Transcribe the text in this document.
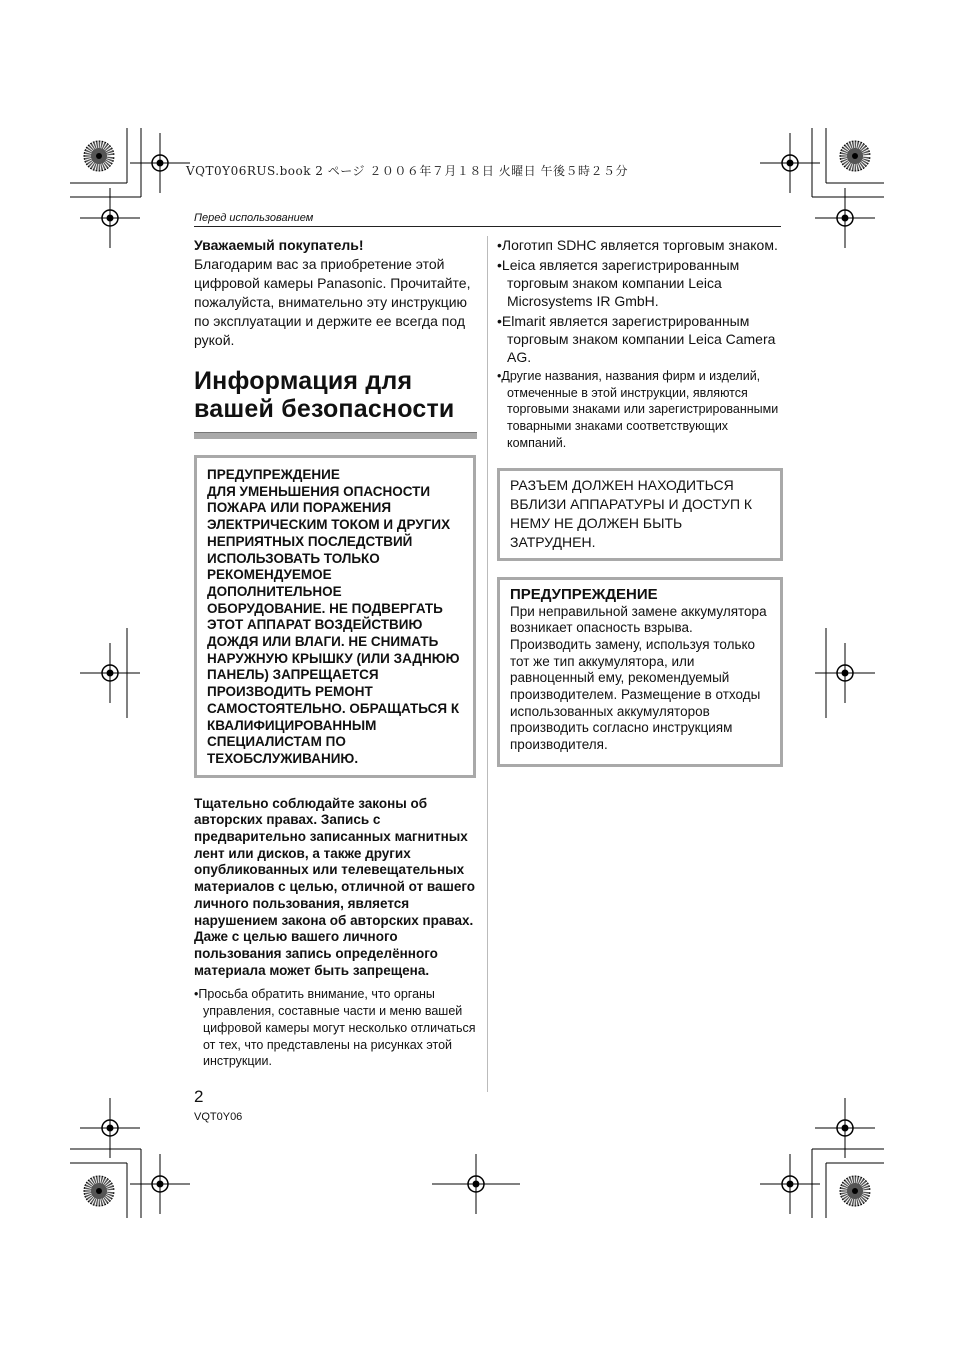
VQT0Y06RUS.book 2 ページ ２００６年７月１８日 火曜日 午後５時２５分
Перед использованием
Уважаемый покупатель!
Благодарим вас за приобретение этой цифровой камеры Panasonic. Прочитайте, пожалуйста, внимательно эту инструкцию по эксплуатации и держите ее всегда под рукой.
Информация для
вашей безопасности
ПРЕДУПРЕЖДЕНИЕ
ДЛЯ УМЕНЬШЕНИЯ ОПАСНОСТИ ПОЖАРА ИЛИ ПОРАЖЕНИЯ ЭЛЕКТРИЧЕСКИМ ТОКОМ И ДРУГИХ НЕПРИЯТНЫХ ПОСЛЕДСТВИЙ ИСПОЛЬЗОВАТЬ ТОЛЬКО РЕКОМЕНДУЕМОЕ ДОПОЛНИТЕЛЬНОЕ ОБОРУДОВАНИЕ. НЕ ПОДВЕРГАТЬ ЭТОТ АППАРАТ ВОЗДЕЙСТВИЮ ДОЖДЯ ИЛИ ВЛАГИ. НЕ СНИМАТЬ НАРУЖНУЮ КРЫШКУ (ИЛИ ЗАДНЮЮ ПАНЕЛЬ) ЗАПРЕЩАЕТСЯ ПРОИЗВОДИТЬ РЕМОНТ САМОСТОЯТЕЛЬНО. ОБРАЩАТЬСЯ К КВАЛИФИЦИРОВАННЫМ СПЕЦИАЛИСТАМ ПО ТЕХОБСЛУЖИВАНИЮ.
Тщательно соблюдайте законы об авторских правах. Запись с предварительно записанных магнитных лент или дисков, а также других опубликованных или телевещательных материалов с целью, отличной от вашего личного пользования, является нарушением закона об авторских правах. Даже с целью вашего личного пользования запись определённого материала может быть запрещена.
•Просьба обратить внимание, что органы управления, составные части и меню вашей цифровой камеры могут несколько отличаться от тех, что представлены на рисунках этой инструкции.
•Логотип SDHC является торговым знаком.
•Leica является зарегистрированным торговым знаком компании Leica Microsystems IR GmbH.
•Elmarit является зарегистрированным торговым знаком компании Leica Camera AG.
•Другие названия, названия фирм и изделий, отмеченные в этой инструкции, являются торговыми знаками или зарегистрированными товарными знаками соответствующих компаний.
РАЗЪЕМ ДОЛЖЕН НАХОДИТЬСЯ ВБЛИЗИ АППАРАТУРЫ И ДОСТУП К НЕМУ НЕ ДОЛЖЕН БЫТЬ ЗАТРУДНЕН.
ПРЕДУПРЕЖДЕНИЕ
При неправильной замене аккумулятора возникает опасность взрыва. Производить замену, используя только тот же тип аккумулятора, или равноценный ему, рекомендуемый производителем. Размещение в отходы использованных аккумуляторов производить согласно инструкциям производителя.
2
VQT0Y06
